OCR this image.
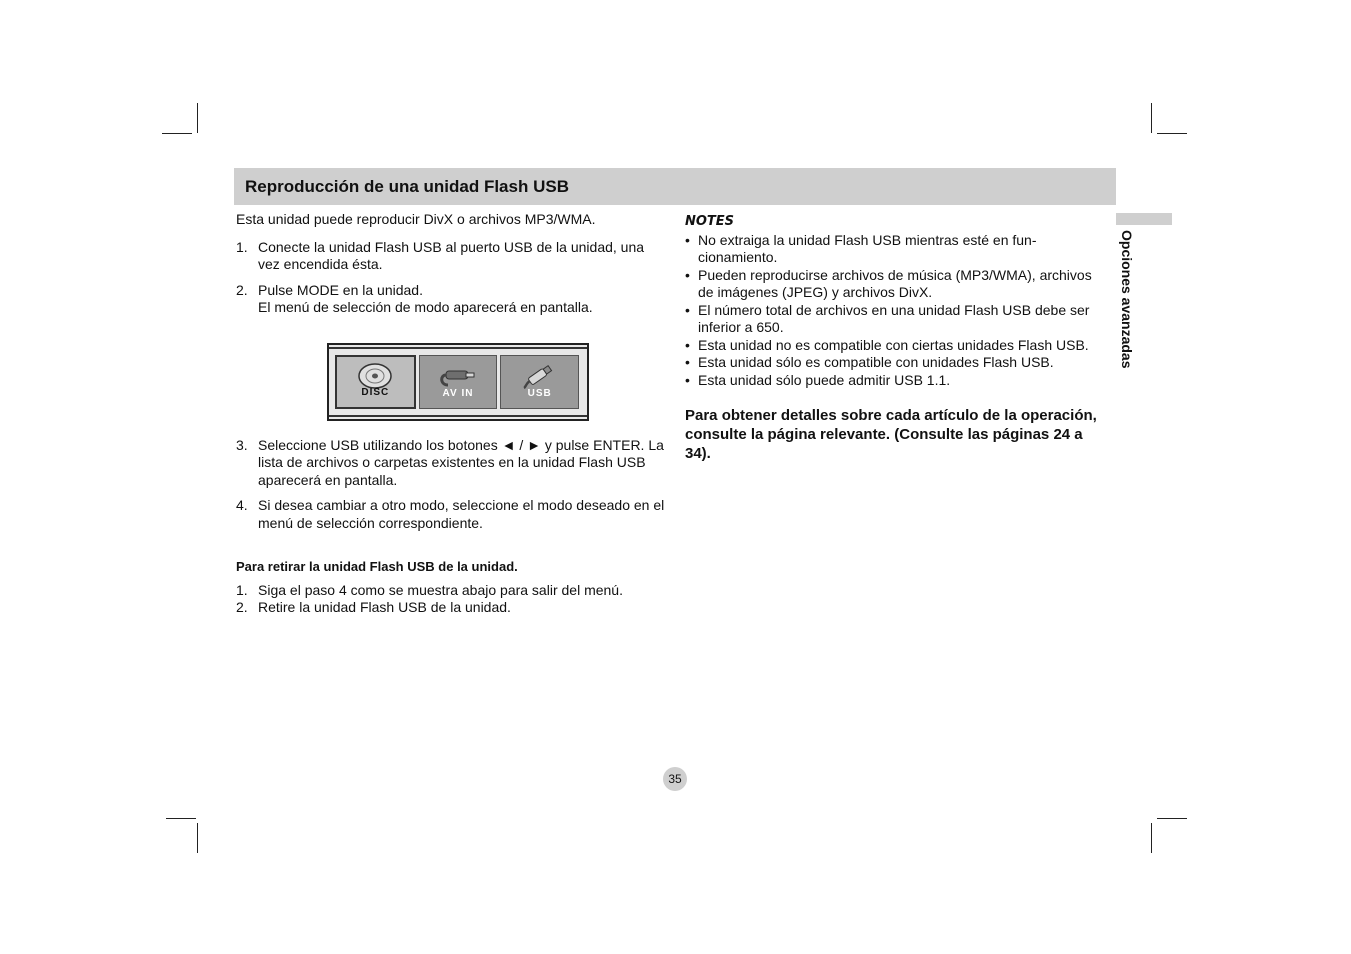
Reproducción de una unidad Flash USB
Opciones avanzadas

Esta unidad puede reproducir DivX o archivos MP3/WMA.

1. Conecte la unidad Flash USB al puerto USB de la unidad, una vez encendida ésta.
2. Pulse MODE en la unidad.
El menú de selección de modo aparecerá en pantalla.
DISC	AV IN	USB
3. Seleccione USB utilizando los botones ◄ / ► y pulse ENTER. La lista de archivos o carpetas existentes en la unidad Flash USB aparecerá en pantalla.
4. Si desea cambiar a otro modo, seleccione el modo deseado en el menú de selección correspondiente.

Para retirar la unidad Flash USB de la unidad.

1. Siga el paso 4 como se muestra abajo para salir del menú.
2. Retire la unidad Flash USB de la unidad.
NOTES
• No extraiga la unidad Flash USB mientras esté en fun-cionamiento.
• Pueden reproducirse archivos de música (MP3/WMA), archivos de imágenes (JPEG) y archivos DivX.
• El número total de archivos en una unidad Flash USB debe ser inferior a 650.
• Esta unidad no es compatible con ciertas unidades Flash USB.
• Esta unidad sólo es compatible con unidades Flash USB.
• Esta unidad sólo puede admitir USB 1.1.

Para obtener detalles sobre cada artículo de la operación, consulte la página relevante. (Consulte las páginas 24 a 34).

35
